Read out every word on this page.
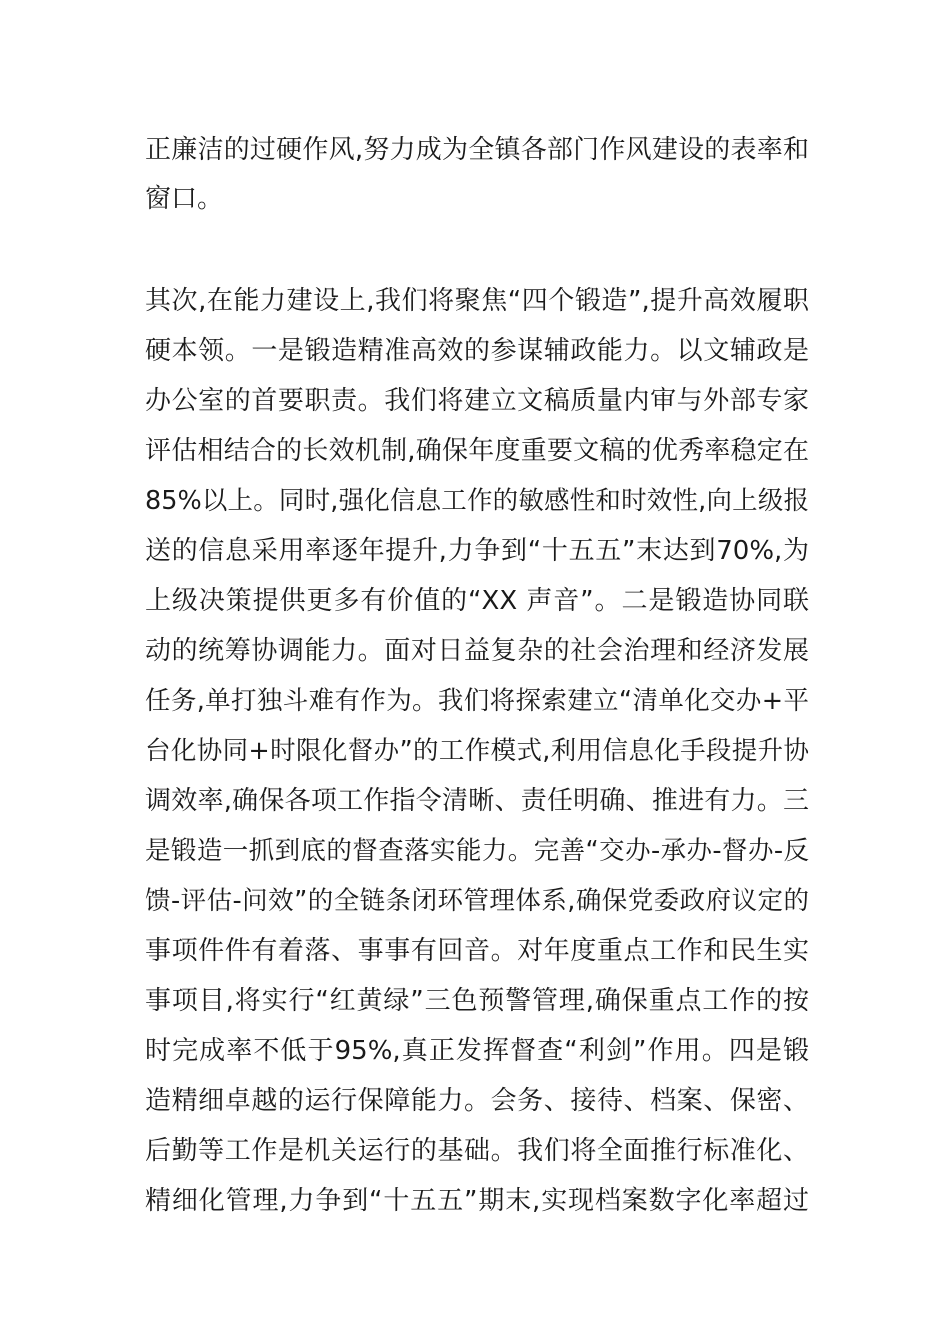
正廉洁的过硬作风,努力成为全镇各部门作风建设的表率和
窗口。
其次,在能力建设上,我们将聚焦“四个锻造”,提升高效履职
硬本领。一是锻造精准高效的参谋辅政能力。以文辅政是
办公室的首要职责。我们将建立文稿质量内审与外部专家
评估相结合的长效机制,确保年度重要文稿的优秀率稳定在
85%以上。同时,强化信息工作的敏感性和时效性,向上级报
送的信息采用率逐年提升,力争到“十五五”末达到70%,为
上级决策提供更多有价值的“XX 声音”。二是锻造协同联
动的统筹协调能力。面对日益复杂的社会治理和经济发展
任务,单打独斗难有作为。我们将探索建立“清单化交办+平
台化协同+时限化督办”的工作模式,利用信息化手段提升协
调效率,确保各项工作指令清晰、责任明确、推进有力。三
是锻造一抓到底的督查落实能力。完善“交办-承办-督办-反
馈-评估-问效”的全链条闭环管理体系,确保党委政府议定的
事项件件有着落、事事有回音。对年度重点工作和民生实
事项目,将实行“红黄绿”三色预警管理,确保重点工作的按
时完成率不低于95%,真正发挥督查“利剑”作用。四是锻
造精细卓越的运行保障能力。会务、接待、档案、保密、
后勤等工作是机关运行的基础。我们将全面推行标准化、
精细化管理,力争到“十五五”期末,实现档案数字化率超过
